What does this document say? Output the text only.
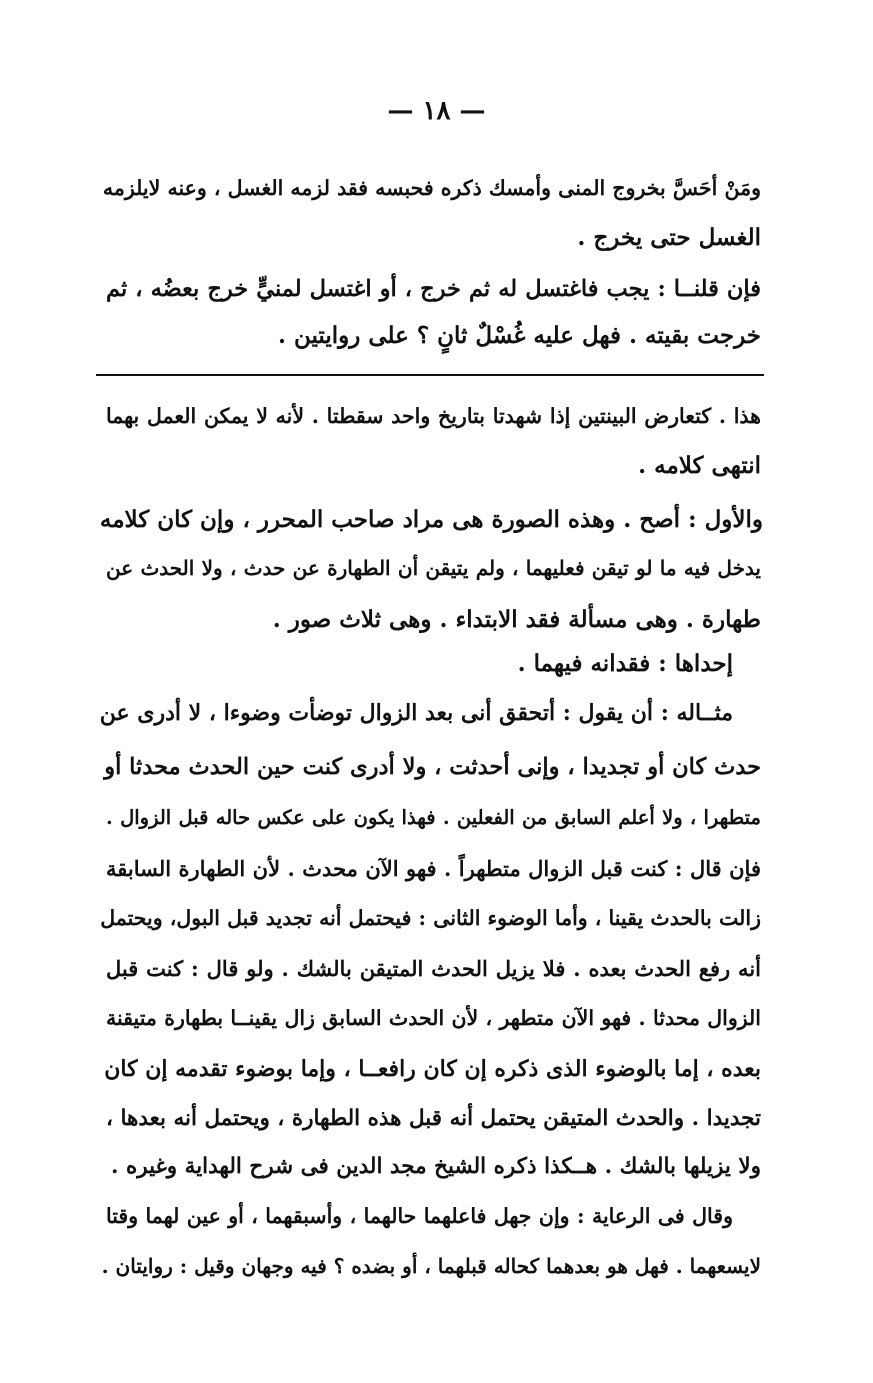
— ١٨ —
ومَنْ أحَسَّ بخروج المنى وأمسك ذكره فحبسه فقد لزمه الغسل ، وعنه لايلزمه
الغسل حتى يخرج .
فإن قلنــا : يجب فاغتسل له ثم خرج ، أو اغتسل لمنيٍّ خرج بعضُه ، ثم
خرجت بقيته . فهل عليه غُسْلٌ ثانٍ ؟ على روايتين .
هذا . كتعارض البينتين إذا شهدتا بتاريخ واحد سقطتا . لأنه لا يمكن العمل بهما
انتهى كلامه .
والأول : أصح . وهذه الصورة هى مراد صاحب المحرر ، وإن كان كلامه
يدخل فيه ما لو تيقن فعليهما ، ولم يتيقن أن الطهارة عن حدث ، ولا الحدث عن
طهارة . وهى مسألة فقد الابتداء . وهى ثلاث صور .
إحداها : فقدانه فيهما .
مثــاله : أن يقول : أتحقق أنى بعد الزوال توضأت وضوءا ، لا أدرى عن
حدث كان أو تجديدا ، وإنى أحدثت ، ولا أدرى كنت حين الحدث محدثا أو
متطهرا ، ولا أعلم السابق من الفعلين . فهذا يكون على عكس حاله قبل الزوال .
فإن قال : كنت قبل الزوال متطهراً . فهو الآن محدث . لأن الطهارة السابقة
زالت بالحدث يقينا ، وأما الوضوء الثانى : فيحتمل أنه تجديد قبل البول، ويحتمل
أنه رفع الحدث بعده . فلا يزيل الحدث المتيقن بالشك . ولو قال : كنت قبل
الزوال محدثا . فهو الآن متطهر ، لأن الحدث السابق زال يقينــا بطهارة متيقنة
بعده ، إما بالوضوء الذى ذكره إن كان رافعــا ، وإما بوضوء تقدمه إن كان
تجديدا . والحدث المتيقن يحتمل أنه قبل هذه الطهارة ، ويحتمل أنه بعدها ،
ولا يزيلها بالشك . هــكذا ذكره الشيخ مجد الدين فى شرح الهداية وغيره .
وقال فى الرعاية : وإن جهل فاعلهما حالهما ، وأسبقهما ، أو عين لهما وقتا
لايسعهما . فهل هو بعدهما كحاله قبلهما ، أو بضده ؟ فيه وجهان وقيل : روايتان .
